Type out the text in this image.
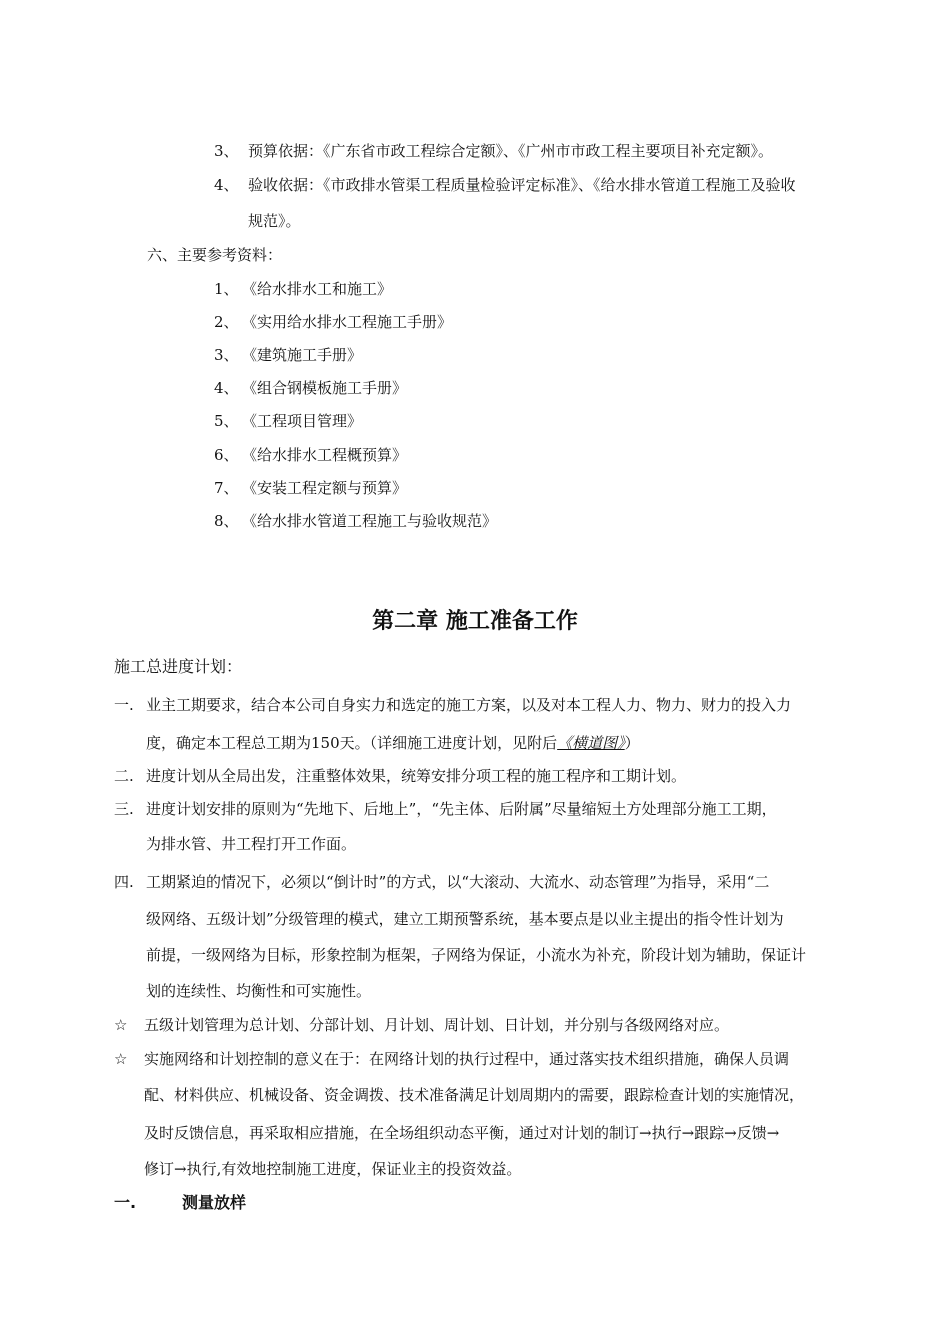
3、 预算依据：《广东省市政工程综合定额》、《广州市市政工程主要项目补充定额》。
4、 验收依据：《市政排水管渠工程质量检验评定标准》、《给水排水管道工程施工及验收
规范》。
六、主要参考资料：
1、 《给水排水工和施工》
2、 《实用给水排水工程施工手册》
3、 《建筑施工手册》
4、 《组合钢模板施工手册》
5、 《工程项目管理》
6、 《给水排水工程概预算》
7、 《安装工程定额与预算》
8、 《给水排水管道工程施工与验收规范》
第二章 施工准备工作
施工总进度计划：
一. 业主工期要求，结合本公司自身实力和选定的施工方案，以及对本工程人力、物力、财力的投入力
度，确定本工程总工期为150天。（详细施工进度计划，见附后《横道图》）
二. 进度计划从全局出发，注重整体效果，统筹安排分项工程的施工程序和工期计划。
三. 进度计划安排的原则为“先地下、后地上”，“先主体、后附属”尽量缩短土方处理部分施工工期，
为排水管、井工程打开工作面。
四. 工期紧迫的情况下，必须以“倒计时”的方式，以“大滚动、大流水、动态管理”为指导，采用“二
级网络、五级计划”分级管理的模式，建立工期预警系统，基本要点是以业主提出的指令性计划为
前提，一级网络为目标，形象控制为框架，子网络为保证，小流水为补充，阶段计划为辅助，保证计
划的连续性、均衡性和可实施性。
☆ 五级计划管理为总计划、分部计划、月计划、周计划、日计划，并分别与各级网络对应。
☆ 实施网络和计划控制的意义在于：在网络计划的执行过程中，通过落实技术组织措施，确保人员调
配、材料供应、机械设备、资金调拨、技术准备满足计划周期内的需要，跟踪检查计划的实施情况，
及时反馈信息，再采取相应措施，在全场组织动态平衡，通过对计划的制订→执行→跟踪→反馈→
修订→执行,有效地控制施工进度，保证业主的投资效益。
一.	测量放样
